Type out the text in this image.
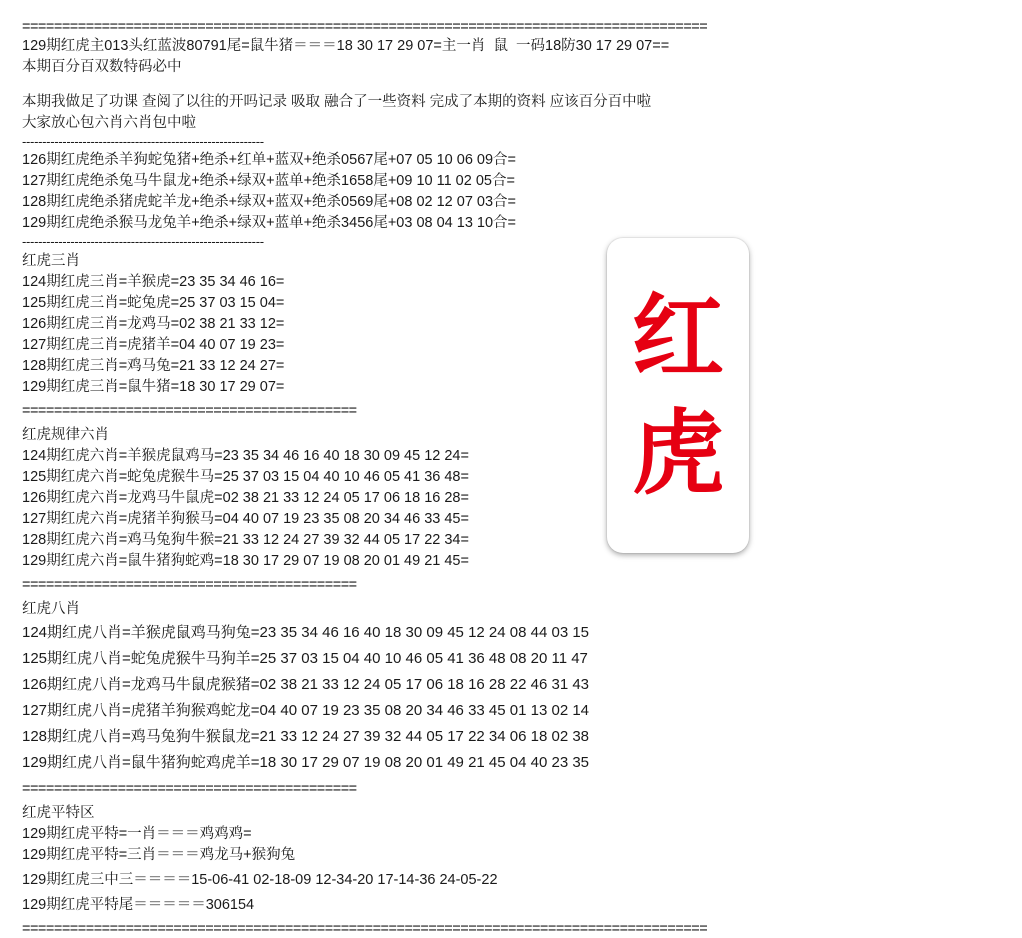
======================================================================================
129期红虎主013头红蓝波80791尾=鼠牛猪＝＝＝18 30 17 29 07=主一肖  鼠  一码18防30 17 29 07==
本期百分百双数特码必中
本期我做足了功课 查阅了以往的开吗记录 吸取 融合了一些资料 完成了本期的资料 应该百分百中啦
大家放心包六肖六肖包中啦
------------------------------------------------------------
126期红虎绝杀羊狗蛇兔猪+绝杀+红单+蓝双+绝杀0567尾+07 05 10 06 09合=
127期红虎绝杀兔马牛鼠龙+绝杀+绿双+蓝单+绝杀1658尾+09 10 11 02 05合=
128期红虎绝杀猪虎蛇羊龙+绝杀+绿双+蓝双+绝杀0569尾+08 02 12 07 03合=
129期红虎绝杀猴马龙兔羊+绝杀+绿双+蓝单+绝杀3456尾+03 08 04 13 10合=
------------------------------------------------------------
红虎三肖
124期红虎三肖=羊猴虎=23 35 34 46 16=
125期红虎三肖=蛇兔虎=25 37 03 15 04=
126期红虎三肖=龙鸡马=02 38 21 33 12=
127期红虎三肖=虎猪羊=04 40 07 19 23=
128期红虎三肖=鸡马兔=21 33 12 24 27=
129期红虎三肖=鼠牛猪=18 30 17 29 07=
==========================================
红虎规律六肖
124期红虎六肖=羊猴虎鼠鸡马=23 35 34 46 16 40 18 30 09 45 12 24=
125期红虎六肖=蛇兔虎猴牛马=25 37 03 15 04 40 10 46 05 41 36 48=
126期红虎六肖=龙鸡马牛鼠虎=02 38 21 33 12 24 05 17 06 18 16 28=
127期红虎六肖=虎猪羊狗猴马=04 40 07 19 23 35 08 20 34 46 33 45=
128期红虎六肖=鸡马兔狗牛猴=21 33 12 24 27 39 32 44 05 17 22 34=
129期红虎六肖=鼠牛猪狗蛇鸡=18 30 17 29 07 19 08 20 01 49 21 45=
==========================================
红虎八肖
124期红虎八肖=羊猴虎鼠鸡马狗兔=23 35 34 46 16 40 18 30 09 45 12 24 08 44 03 15
125期红虎八肖=蛇兔虎猴牛马狗羊=25 37 03 15 04 40 10 46 05 41 36 48 08 20 11 47
126期红虎八肖=龙鸡马牛鼠虎猴猪=02 38 21 33 12 24 05 17 06 18 16 28 22 46 31 43
127期红虎八肖=虎猪羊狗猴鸡蛇龙=04 40 07 19 23 35 08 20 34 46 33 45 01 13 02 14
128期红虎八肖=鸡马兔狗牛猴鼠龙=21 33 12 24 27 39 32 44 05 17 22 34 06 18 02 38
129期红虎八肖=鼠牛猪狗蛇鸡虎羊=18 30 17 29 07 19 08 20 01 49 21 45 04 40 23 35
==========================================
红虎平特区
129期红虎平特=一肖＝＝＝鸡鸡鸡=
129期红虎平特=三肖＝＝＝鸡龙马+猴狗兔
129期红虎三中三＝＝＝＝15-06-41 02-18-09 12-34-20 17-14-36 24-05-22
129期红虎平特尾＝＝＝＝＝306154
======================================================================================
红
虎
